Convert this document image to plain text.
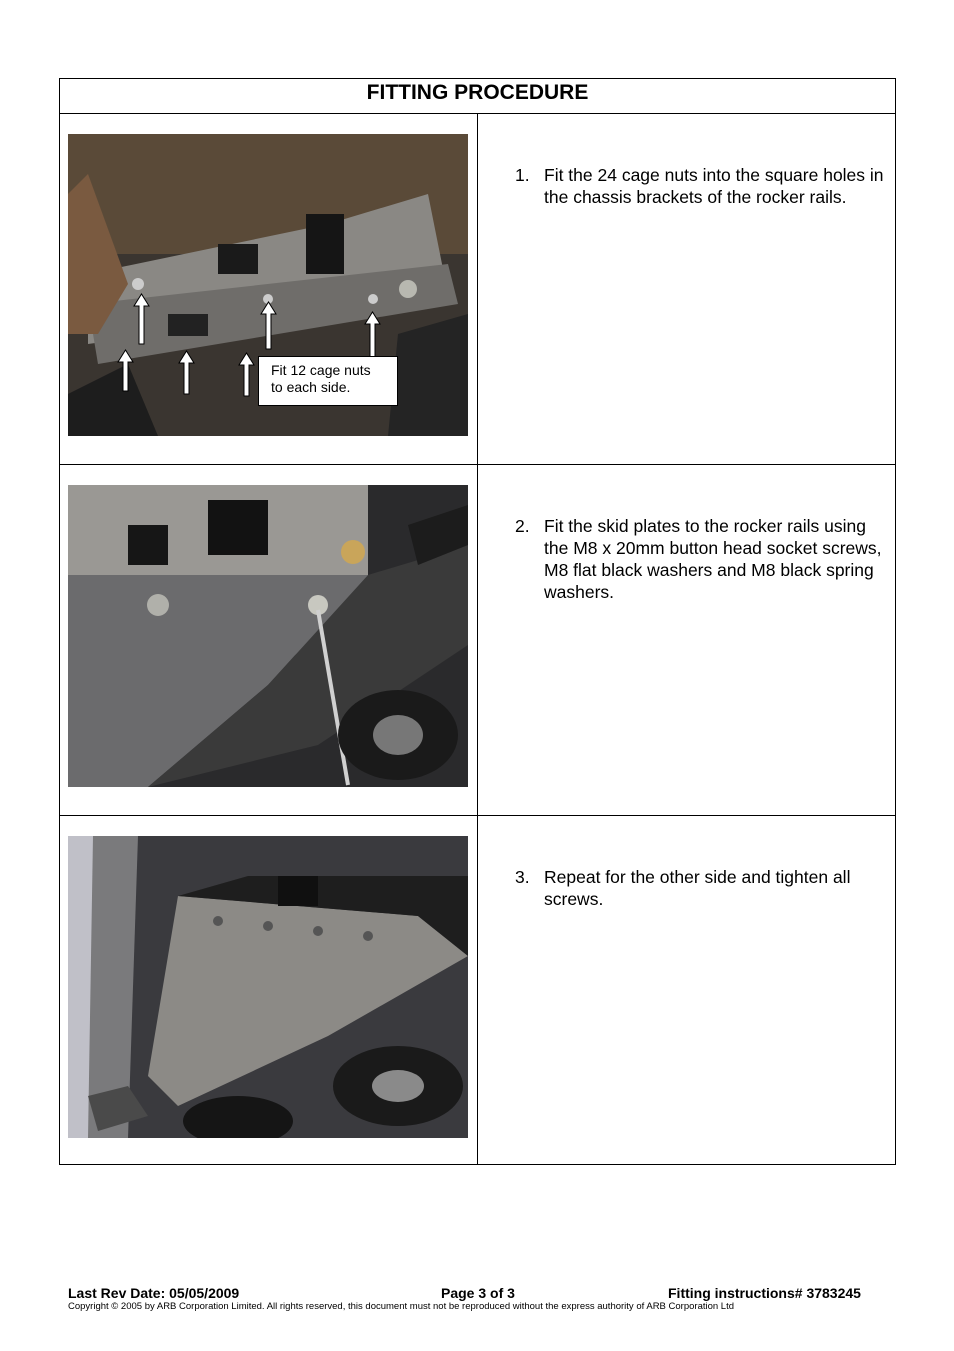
FITTING PROCEDURE
Fit 12 cage nuts
to each side.
1. Fit the 24 cage nuts into the square holes in the chassis brackets of the rocker rails.
2. Fit the skid plates to the rocker rails using the M8 x 20mm button head socket screws, M8 flat black washers and M8 black spring washers.
3. Repeat for the other side and tighten all screws.
Last Rev Date: 05/05/2009	Page 3 of 3	Fitting instructions# 3783245
Copyright © 2005 by ARB Corporation Limited. All rights reserved, this document must not be reproduced without the express authority of ARB Corporation Ltd
